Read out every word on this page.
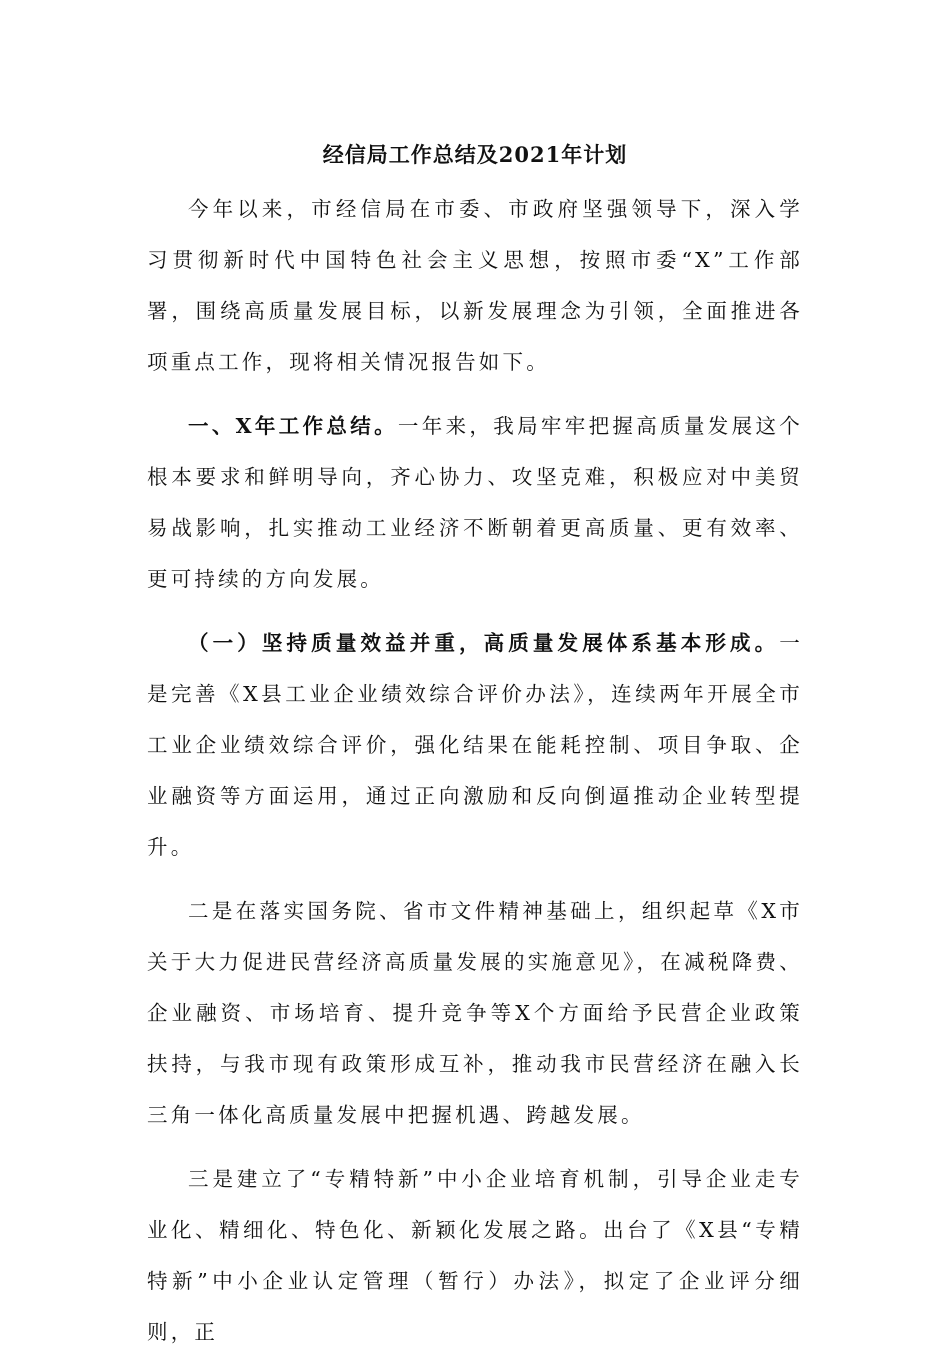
经信局工作总结及2021年计划

今年以来，市经信局在市委、市政府坚强领导下，深入学习贯彻新时代中国特色社会主义思想，按照市委“X”工作部署，围绕高质量发展目标，以新发展理念为引领，全面推进各项重点工作，现将相关情况报告如下。

一、X年工作总结。一年来，我局牢牢把握高质量发展这个根本要求和鲜明导向，齐心协力、攻坚克难，积极应对中美贸易战影响，扎实推动工业经济不断朝着更高质量、更有效率、更可持续的方向发展。

（一）坚持质量效益并重，高质量发展体系基本形成。一是完善《X县工业企业绩效综合评价办法》，连续两年开展全市工业企业绩效综合评价，强化结果在能耗控制、项目争取、企业融资等方面运用，通过正向激励和反向倒逼推动企业转型提升。

二是在落实国务院、省市文件精神基础上，组织起草《X市关于大力促进民营经济高质量发展的实施意见》，在减税降费、企业融资、市场培育、提升竞争等X个方面给予民营企业政策扶持，与我市现有政策形成互补，推动我市民营经济在融入长三角一体化高质量发展中把握机遇、跨越发展。

三是建立了“专精特新”中小企业培育机制，引导企业走专业化、精细化、特色化、新颖化发展之路。出台了《X县“专精特新”中小企业认定管理（暂行）办法》，拟定了企业评分细则，正
